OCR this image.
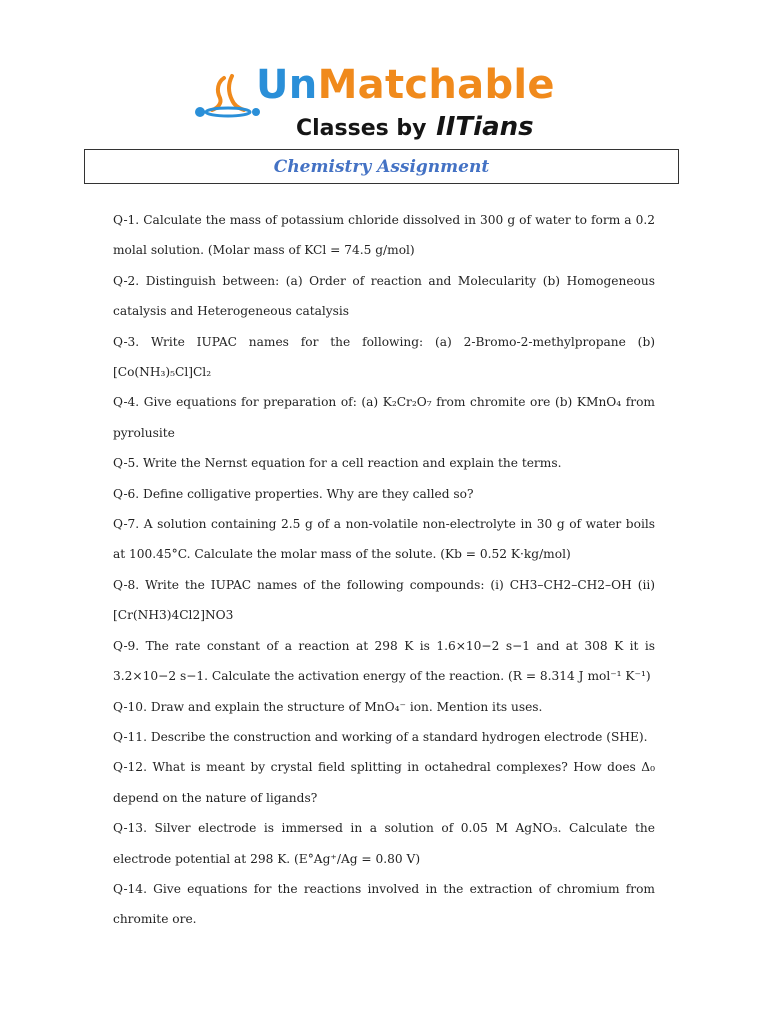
UnMatchable
Classes by IITians
Chemistry Assignment
Q-1. Calculate the mass of potassium chloride dissolved in 300 g of water to form a 0.2 molal solution. (Molar mass of KCl = 74.5 g/mol)
Q-2. Distinguish between: (a) Order of reaction and Molecularity (b) Homogeneous catalysis and Heterogeneous catalysis
Q-3. Write IUPAC names for the following: (a) 2-Bromo-2-methylpropane (b) [Co(NH₃)₅Cl]Cl₂
Q-4. Give equations for preparation of: (a) K₂Cr₂O₇ from chromite ore (b) KMnO₄ from pyrolusite
Q-5. Write the Nernst equation for a cell reaction and explain the terms.
Q-6. Define colligative properties. Why are they called so?
Q-7. A solution containing 2.5 g of a non-volatile non-electrolyte in 30 g of water boils at 100.45°C. Calculate the molar mass of the solute. (Kb = 0.52 K·kg/mol)
Q-8. Write the IUPAC names of the following compounds: (i) CH3–CH2–CH2–OH (ii) [Cr(NH3)4Cl2]NO3
Q-9. The rate constant of a reaction at 298 K is 1.6×10−2 s−1 and at 308 K it is 3.2×10−2 s−1. Calculate the activation energy of the reaction. (R = 8.314 J mol⁻¹ K⁻¹)
Q-10. Draw and explain the structure of MnO₄⁻ ion. Mention its uses.
Q-11. Describe the construction and working of a standard hydrogen electrode (SHE).
Q-12. What is meant by crystal field splitting in octahedral complexes? How does Δ₀ depend on the nature of ligands?
Q-13. Silver electrode is immersed in a solution of 0.05 M AgNO₃. Calculate the electrode potential at 298 K. (E°Ag⁺/Ag = 0.80 V)
Q-14. Give equations for the reactions involved in the extraction of chromium from chromite ore.
